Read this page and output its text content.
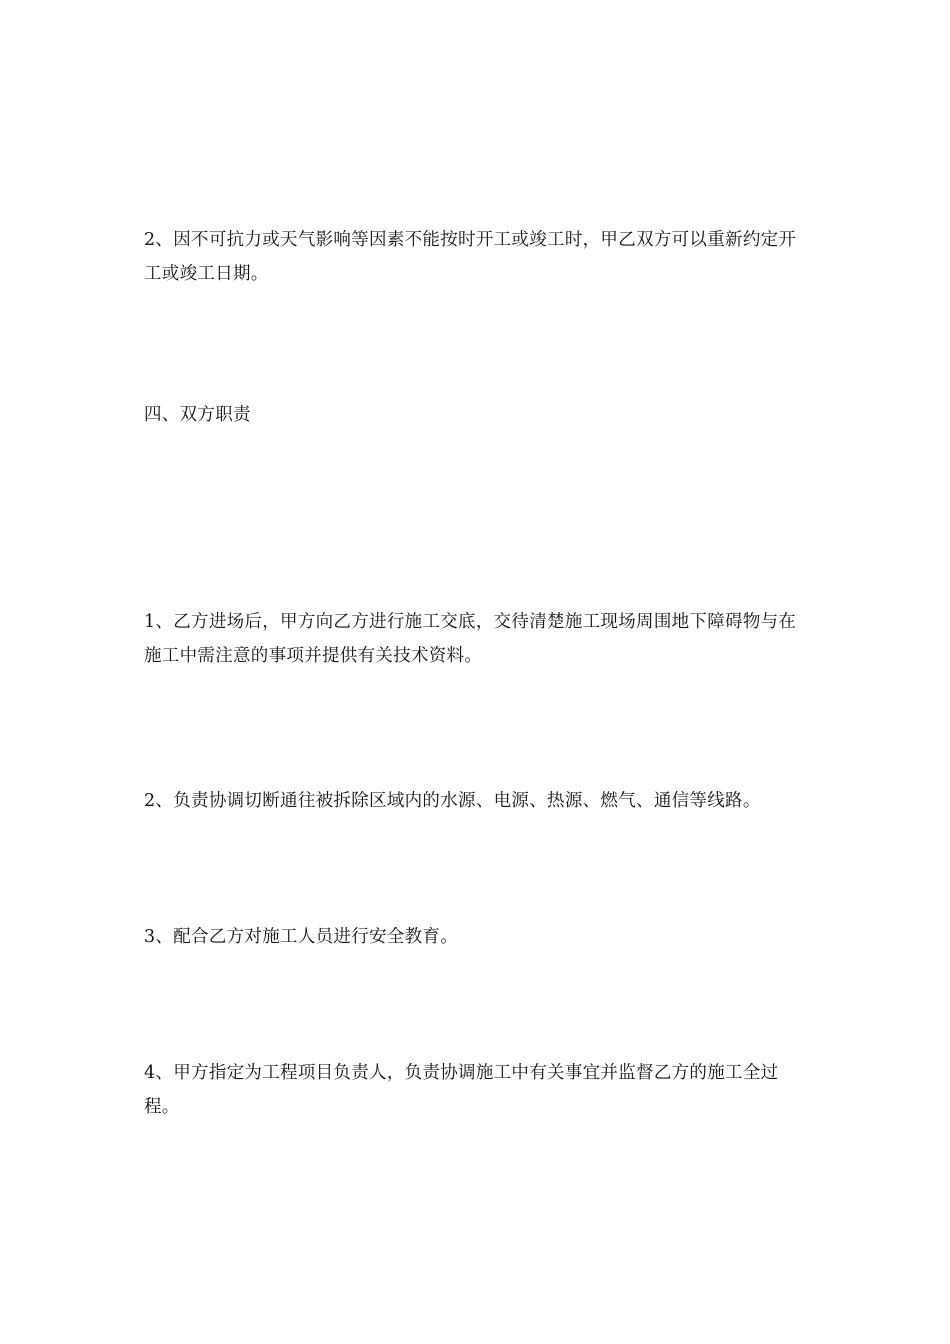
2、因不可抗力或天气影响等因素不能按时开工或竣工时，甲乙双方可以重新约定开工或竣工日期。

四、双方职责

1、乙方进场后，甲方向乙方进行施工交底，交待清楚施工现场周围地下障碍物与在施工中需注意的事项并提供有关技术资料。

2、负责协调切断通往被拆除区域内的水源、电源、热源、燃气、通信等线路。

3、配合乙方对施工人员进行安全教育。

4、甲方指定为工程项目负责人，负责协调施工中有关事宜并监督乙方的施工全过程。
